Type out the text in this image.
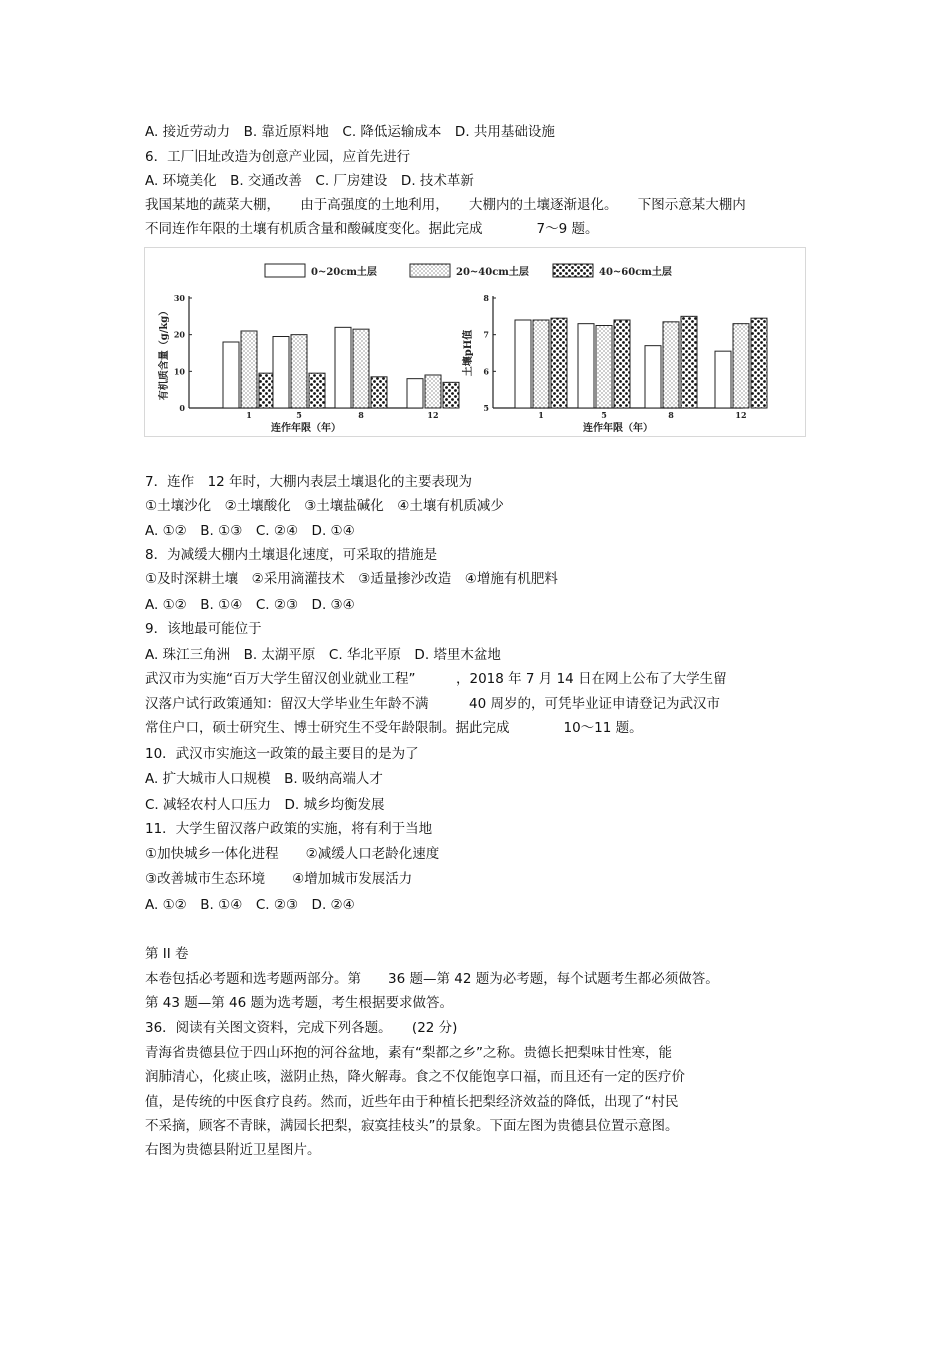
A. 接近劳动力　B. 靠近原料地　C. 降低运输成本　D. 共用基础设施
6．工厂旧址改造为创意产业园，应首先进行
A. 环境美化　B. 交通改善　C. 厂房建设　D. 技术革新
我国某地的蔬菜大棚，　　由于高强度的土地利用，　　大棚内的土壤逐渐退化。　　下图示意某大棚内
不同连作年限的土壤有机质含量和酸碱度变化。据此完成　　　　7～9 题。
7．连作　12 年时，大棚内表层土壤退化的主要表现为
①土壤沙化　②土壤酸化　③土壤盐碱化　④土壤有机质减少
A. ①②　B. ①③　C. ②④　D. ①④
8．为减缓大棚内土壤退化速度，可采取的措施是
①及时深耕土壤　②采用滴灌技术　③适量掺沙改造　④增施有机肥料
A. ①②　B. ①④　C. ②③　D. ③④
9．该地最可能位于
A. 珠江三角洲　B. 太湖平原　C. 华北平原　D. 塔里木盆地
武汉市为实施“百万大学生留汉创业就业工程”　　　，2018 年 7 月 14 日在网上公布了大学生留
汉落户试行政策通知：留汉大学毕业生年龄不满　　　40 周岁的，可凭毕业证申请登记为武汉市
常住户口，硕士研究生、博士研究生不受年龄限制。据此完成　　　　10～11 题。
10．武汉市实施这一政策的最主要目的是为了
A. 扩大城市人口规模　B. 吸纳高端人才
C. 减轻农村人口压力　D. 城乡均衡发展
11．大学生留汉落户政策的实施，将有利于当地
①加快城乡一体化进程　　②减缓人口老龄化速度
③改善城市生态环境　　④增加城市发展活力
A. ①②　B. ①④　C. ②③　D. ②④
第 II 卷
本卷包括必考题和选考题两部分。第　　36 题—第 42 题为必考题，每个试题考生都必须做答。
第 43 题—第 46 题为选考题，考生根据要求做答。
36．阅读有关图文资料，完成下列各题。　　(22 分)
青海省贵德县位于四山环抱的河谷盆地，素有“梨都之乡”之称。贵德长把梨味甘性寒，能
润肺清心，化痰止咳，滋阴止热，降火解毒。食之不仅能饱享口福，而且还有一定的医疗价
值，是传统的中医食疗良药。然而，近些年由于种植长把梨经济效益的降低，出现了“村民
不采摘，顾客不青睐，满园长把梨，寂寞挂枝头”的景象。下面左图为贵德县位置示意图。
右图为贵德县附近卫星图片。
0~20cm土层	20~40cm土层	40~60cm土层
0
10
20
30
有机质含量（g/kg）
1	5	8	12
连作年限（年）
5
6
7
8
土壤pH值
1	5	8	12
连作年限（年）
